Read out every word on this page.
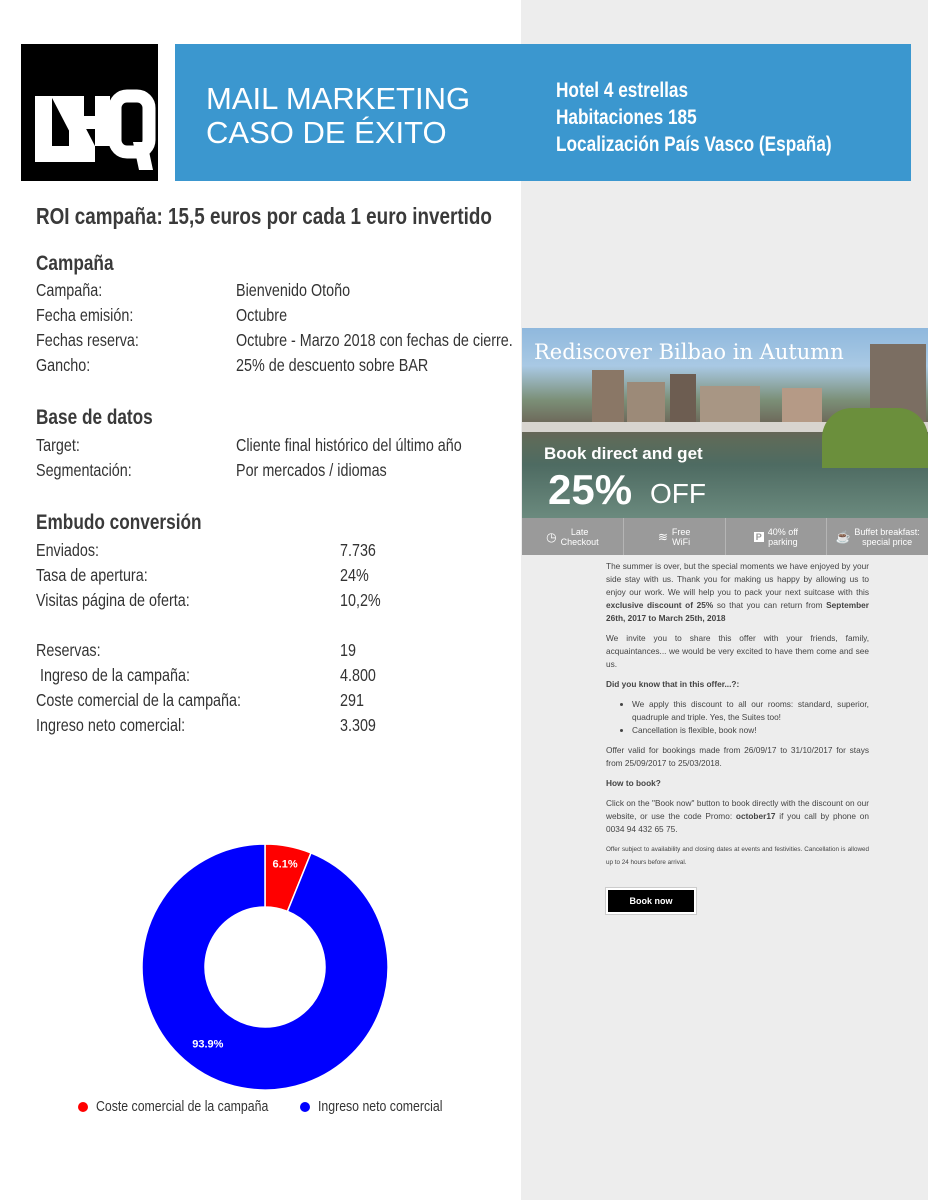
MAIL MARKETING
CASO DE ÉXITO
Hotel 4 estrellas
Habitaciones 185
Localización País Vasco (España)
ROI campaña: 15,5 euros por cada 1 euro invertido
Campaña
Campaña:	Bienvenido Otoño
Fecha emisión:	Octubre
Fechas reserva:	Octubre - Marzo 2018 con fechas de cierre.
Gancho:	25% de descuento sobre BAR
Base de datos
Target:	Cliente final histórico del último año
Segmentación:	Por mercados / idiomas
Embudo conversión
Enviados:	7.736
Tasa de apertura:	24%
Visitas página de oferta:	10,2%
Reservas:	19
Ingreso de la campaña:	4.800
Coste comercial de la campaña:	291
Ingreso neto comercial:	3.309
Rediscover Bilbao in Autumn
Book direct and get
25% OFF
◷	Late
Checkout	≋ Free
WiFi	P 40% off
parking	☕ Buffet breakfast:
special price

The summer is over, but the special moments we have enjoyed by your side stay with us. Thank you for making us happy by allowing us to enjoy our work. We will help you to pack your next suitcase with this exclusive discount of 25% so that you can return from September 26th, 2017 to March 25th, 2018

We invite you to share this offer with your friends, family, acquaintances... we would be very excited to have them come and see us.

Did you know that in this offer...?:

• We apply this discount to all our rooms: standard, superior, quadruple and triple. Yes, the Suites too!
• Cancellation is flexible, book now!

Offer valid for bookings made from 26/09/17 to 31/10/2017 for stays from 25/09/2017 to 25/03/2018.

How to book?

Click on the "Book now" button to book directly with the discount on our website, or use the code Promo: october17 if you call by phone on 0034 94 432 65 75.

Offer subject to availability and closing dates at events and festivities. Cancellation is allowed up to 24 hours before arrival.

Book now
6.1%
93.9%
Coste comercial de la campaña	Ingreso neto comercial
